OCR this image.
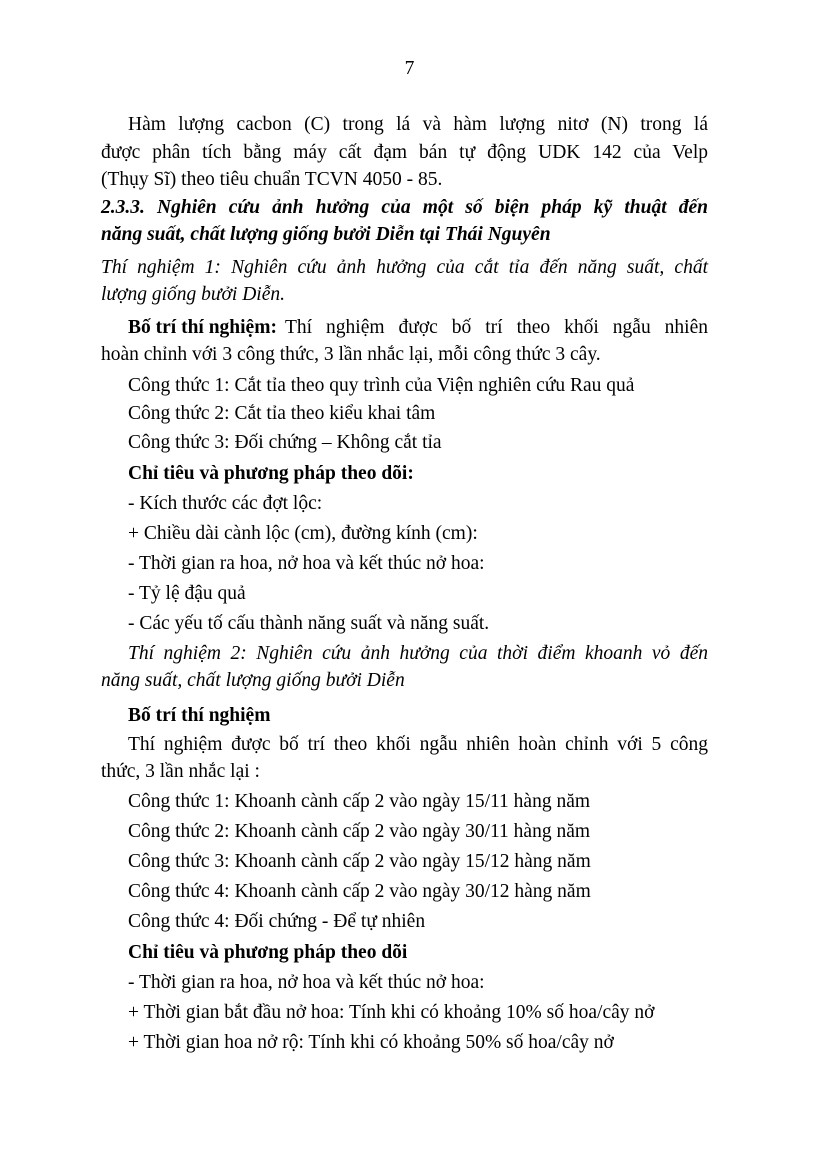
7
Hàm lượng cacbon (C) trong lá và hàm lượng nitơ (N) trong lá
được phân tích bằng máy cất đạm bán tự động UDK 142 của Velp
(Thụy Sĩ) theo tiêu chuẩn TCVN 4050 - 85.
2.3.3. Nghiên cứu ảnh hưởng của một số biện pháp kỹ thuật đến
năng suất, chất lượng giống bưởi Diễn tại Thái Nguyên
Thí nghiệm 1: Nghiên cứu ảnh hưởng của cắt tỉa đến năng suất, chất
lượng giống bưởi Diễn.
Bố trí thí nghiệm: Thí nghiệm được bố trí theo khối ngẫu nhiên
hoàn chỉnh với 3 công thức, 3 lần nhắc lại, mỗi công thức 3 cây.
Công thức 1: Cắt tỉa theo quy trình của Viện nghiên cứu Rau quả
Công thức 2: Cắt tỉa theo kiểu khai tâm
Công thức 3: Đối chứng – Không cắt tỉa
Chỉ tiêu và phương pháp theo dõi:
- Kích thước các đợt lộc:
+ Chiều dài cành lộc (cm), đường kính (cm):
- Thời gian ra hoa, nở hoa và kết thúc nở hoa:
- Tỷ lệ đậu quả
- Các yếu tố cấu thành năng suất và năng suất.
Thí nghiệm 2: Nghiên cứu ảnh hưởng của thời điểm khoanh vỏ đến
năng suất, chất lượng giống bưởi Diễn
Bố trí thí nghiệm
Thí nghiệm được bố trí theo khối ngẫu nhiên hoàn chỉnh với 5 công
thức, 3 lần nhắc lại :
Công thức 1: Khoanh cành cấp 2 vào ngày 15/11 hàng năm
Công thức 2: Khoanh cành cấp 2 vào ngày 30/11 hàng năm
Công thức 3: Khoanh cành cấp 2 vào ngày 15/12 hàng năm
Công thức 4: Khoanh cành cấp 2 vào ngày 30/12 hàng năm
Công thức 4: Đối chứng - Để tự nhiên
Chỉ tiêu và phương pháp theo dõi
- Thời gian ra hoa, nở hoa và kết thúc nở hoa:
+ Thời gian bắt đầu nở hoa: Tính khi có khoảng 10% số hoa/cây nở
+ Thời gian hoa nở rộ: Tính khi có khoảng 50% số hoa/cây nở
